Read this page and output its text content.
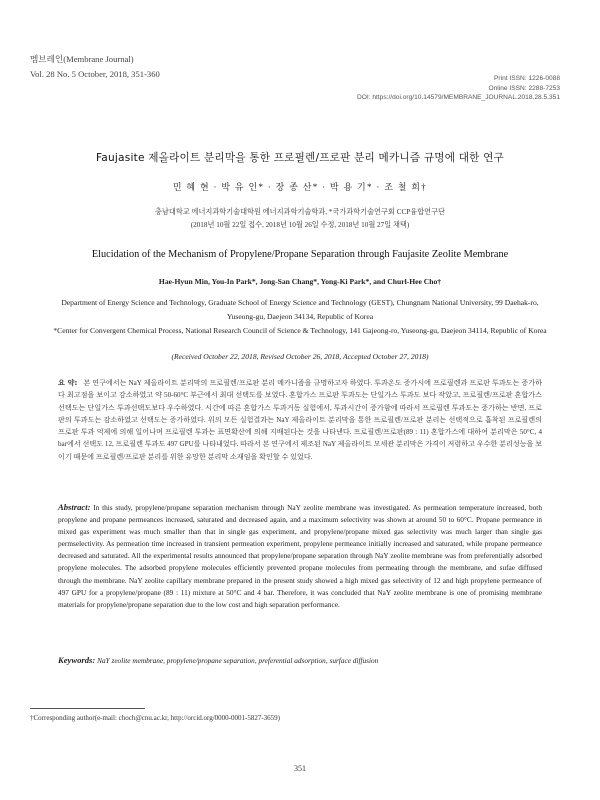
멤브레인(Membrane Journal)
Vol. 28 No. 5 October, 2018, 351-360	Print ISSN: 1226-0088
Online ISSN: 2288-7253
DOI: https://doi.org/10.14579/MEMBRANE_JOURNAL.2018.28.5.351
Faujasite 제올라이트 분리막을 통한 프로필렌/프로판 분리 메카니즘 규명에 대한 연구
민 혜 현 · 박 유 인* · 장 종 산* · 박 용 기* · 조 철 희†
충남대학교 에너지과학기술대학원 에너지과학기술학과, *국가과학기술연구회 CCP융합연구단
(2018년 10월 22일 접수, 2018년 10월 26일 수정, 2018년 10월 27일 채택)
Elucidation of the Mechanism of Propylene/Propane Separation through Faujasite Zeolite Membrane
Hae-Hyun Min, You-In Park*, Jong-San Chang*, Yong-Ki Park*, and Churl-Hee Cho†

Department of Energy Science and Technology, Graduate School of Energy Science and Technology (GEST), Chungnam National University, 99 Daehak-ro, Yuseong-gu, Daejeon 34134, Republic of Korea

*Center for Convergent Chemical Process, National Research Council of Science & Technology, 141 Gajeong-ro, Yuseong-gu, Daejeon 34114, Republic of Korea

(Received October 22, 2018, Revised October 26, 2018, Accepted October 27, 2018)
요 약: 본 연구에서는 NaY 제올라이트 분리막의 프로필렌/프로판 분리 메카니즘을 규명하고자 하였다. 투과온도 증가시에 프로필렌과 프로판 투과도는 증가하다 최고점을 보이고 감소하였고 약 50-60°C 부근에서 최대 선택도를 보였다. 혼합가스 프로판 투과도는 단일가스 투과도 보다 작았고, 프로필렌/프로판 혼합가스 선택도는 단일가스 투과선택도보다 우수하였다. 시간에 따른 혼합가스 투과거동 실험에서, 투과시간이 증가함에 따라서 프로필렌 투과도는 증가하는 반면, 프로판의 투과도는 감소하였고 선택도는 증가하였다. 위의 모든 실험결과는 NaY 제올라이트 분리막을 통한 프로필렌/프로판 분리는 선택적으로 흡착된 프로필렌의 프로판 투과 억제에 의해 일어나며 프로필렌 투과는 표면확산에 의해 지배된다는 것을 나타낸다. 프로필렌/프로판(89 : 11) 혼합가스에 대하여 분리막은 50°C, 4 bar에서 선택도 12, 프로필렌 투과도 497 GPU를 나타내었다. 따라서 본 연구에서 제조된 NaY 제올라이트 모세관 분리막은 가격이 저렴하고 우수한 분리성능을 보이기 때문에 프로필렌/프로판 분리를 위한 유망한 분리막 소재임을 확인할 수 있었다.
Abstract: In this study, propylene/propane separation mechanism through NaY zeolite membrane was investigated. As permeation temperature increased, both propylene and propane permeances increased, saturated and decreased again, and a maximum selectivity was shown at around 50 to 60°C. Propane permeance in mixed gas experiment was much smaller than that in single gas experiment, and propylene/propane mixed gas selectivity was much larger than single gas permselectivity. As permeation time increased in transient permeation experiment, propylene permeance initially increased and saturated, while propane permeance decreased and saturated. All the experimental results announced that propylene/propane separation through NaY zeolite membrane was from preferentially adsorbed propylene molecules. The adsorbed propylene molecules efficiently prevented propane molecules from permeating through the membrane, and sufae diffused through the membrane. NaY zeolite capillary membrane prepared in the present study showed a high mixed gas selectivity of 12 and high propylene permeance of 497 GPU for a propylene/propane (89 : 11) mixture at 50°C and 4 bar. Therefore, it was concluded that NaY zeolite membrane is one of promising membrane materials for propylene/propane separation due to the low cost and high separation performance.
Keywords: NaY zeolite membrane, propylene/propane separation, preferential adsorption, surface diffusion
†Corresponding author(e-mail: choch@cnu.ac.kr, http://orcid.org/0000-0001-5827-3659)
351
